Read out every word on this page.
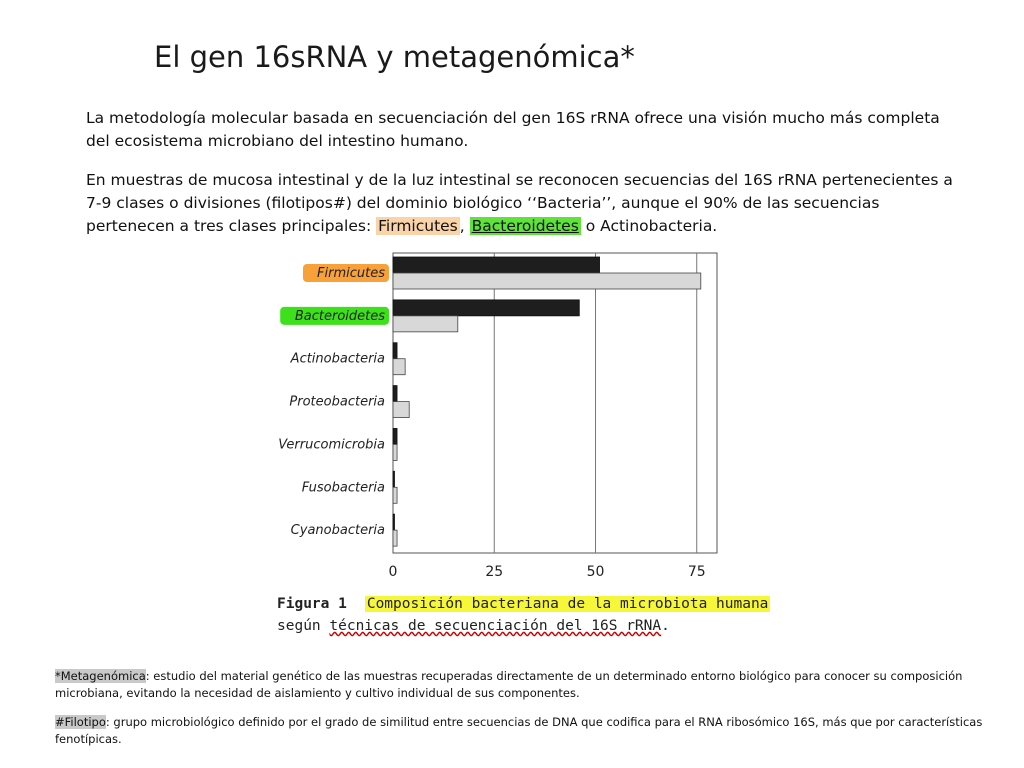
El gen 16sRNA y metagenómica*
La metodología molecular basada en secuenciación del gen 16S rRNA ofrece una visión mucho más completa del ecosistema microbiano del intestino humano.
En muestras de mucosa intestinal y de la luz intestinal se reconocen secuencias del 16S rRNA pertenecientes a 7-9 clases o divisiones (filotipos#) del dominio biológico ‘‘Bacteria’’, aunque el 90% de las secuencias pertenecen a tres clases principales: Firmicutes , Bacteroidetes o Actinobacteria.
0	25	50	75
Firmicutes
Bacteroidetes
Actinobacteria
Proteobacteria
Verrucomicrobia
Fusobacteria
Cyanobacteria
Figura 1 Composición bacteriana de la microbiota humana
según técnicas de secuenciación del 16S rRNA.
*Metagenómica: estudio del material genético de las muestras recuperadas directamente de un determinado entorno biológico para conocer su composición microbiana, evitando la necesidad de aislamiento y cultivo individual de sus componentes.
#Filotipo: grupo microbiológico definido por el grado de similitud entre secuencias de DNA que codifica para el RNA ribosómico 16S, más que por características fenotípicas.
